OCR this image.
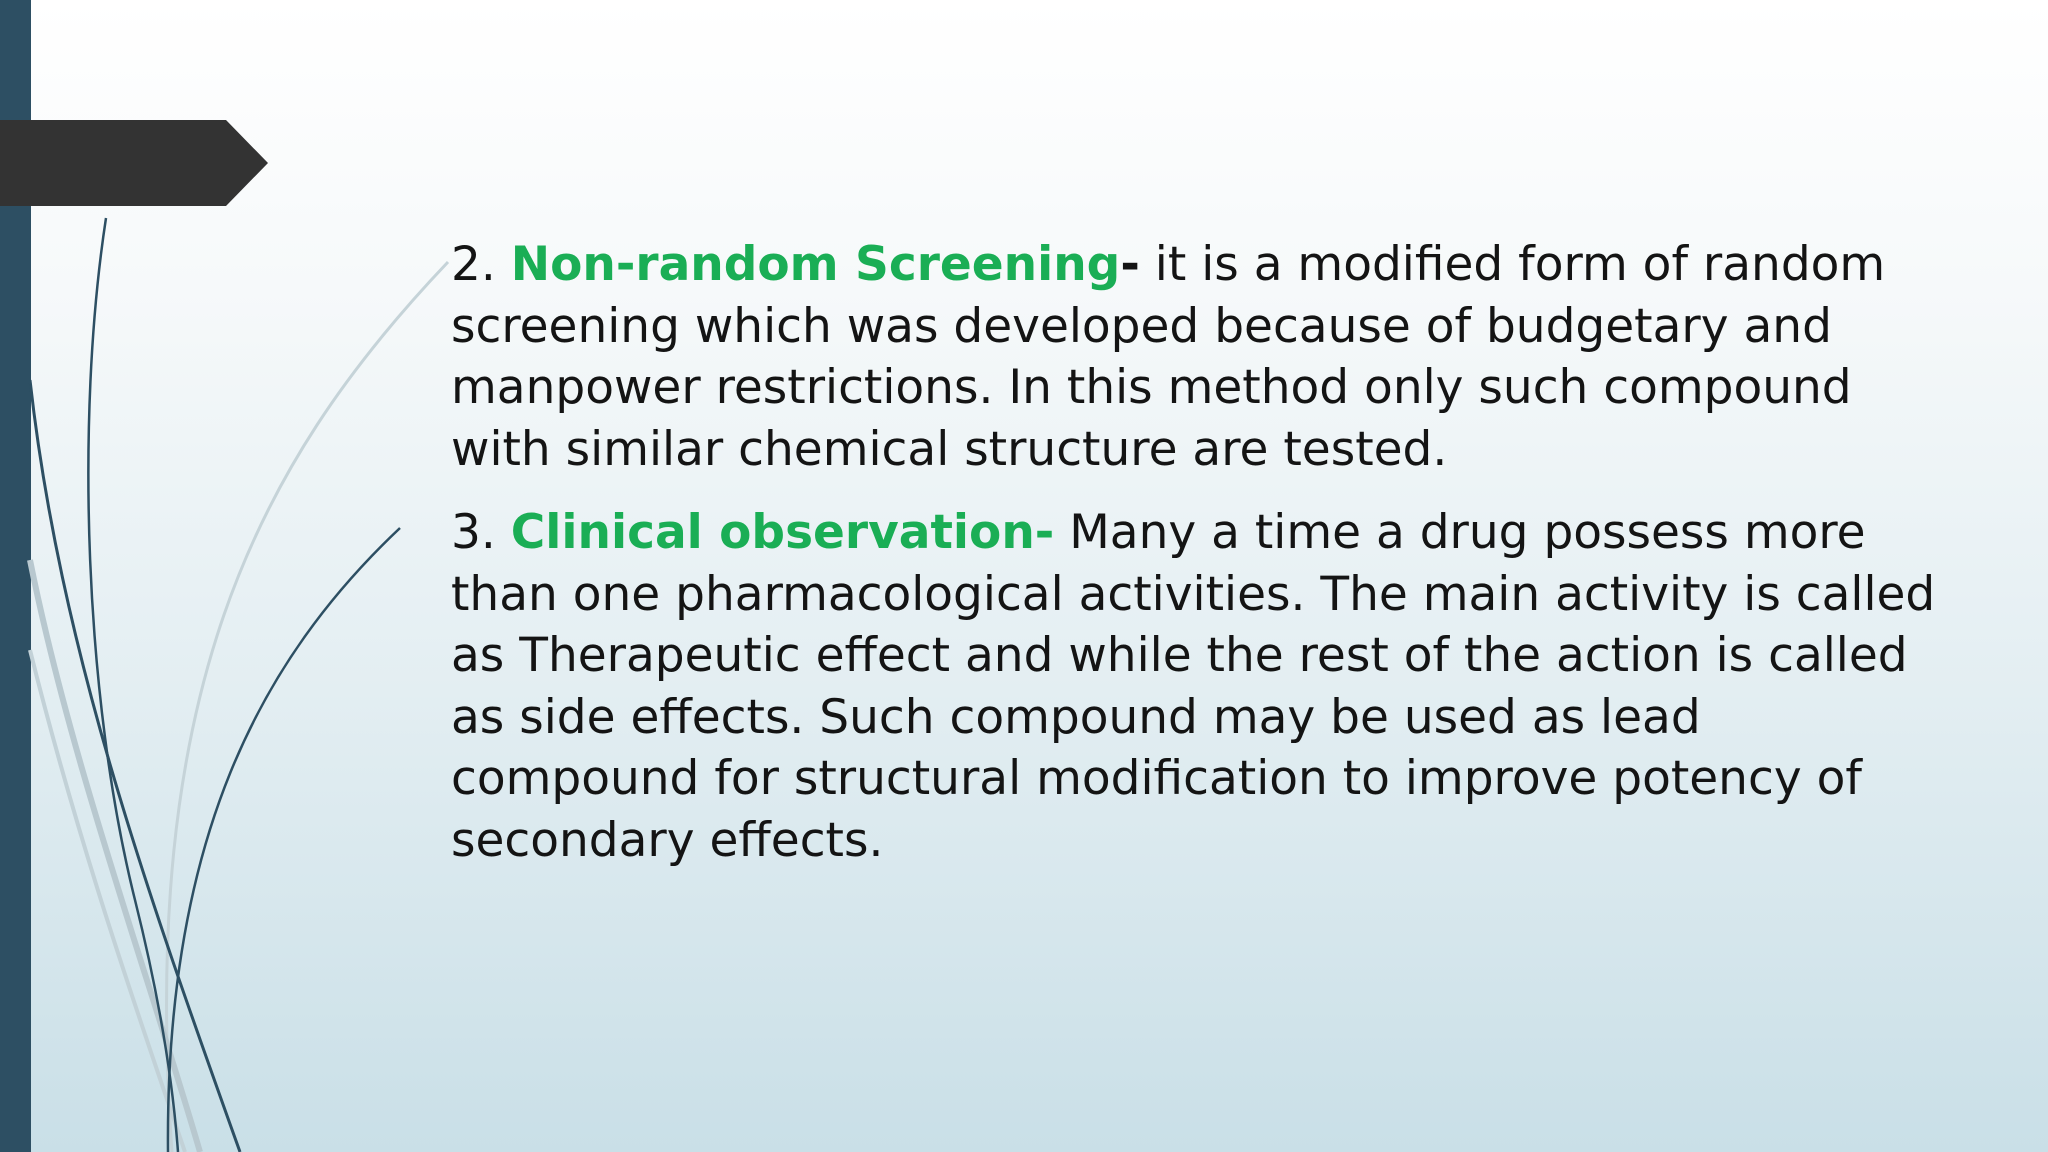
2. Non-random Screening- it is a modified form of random screening which was developed because of budgetary and manpower restrictions. In this method only such compound with similar chemical structure are tested.

3. Clinical observation- Many a time a drug possess more than one pharmacological activities. The main activity is called as Therapeutic effect and while the rest of the action is called as side effects. Such compound may be used as lead compound for structural modification to improve potency of secondary effects.
